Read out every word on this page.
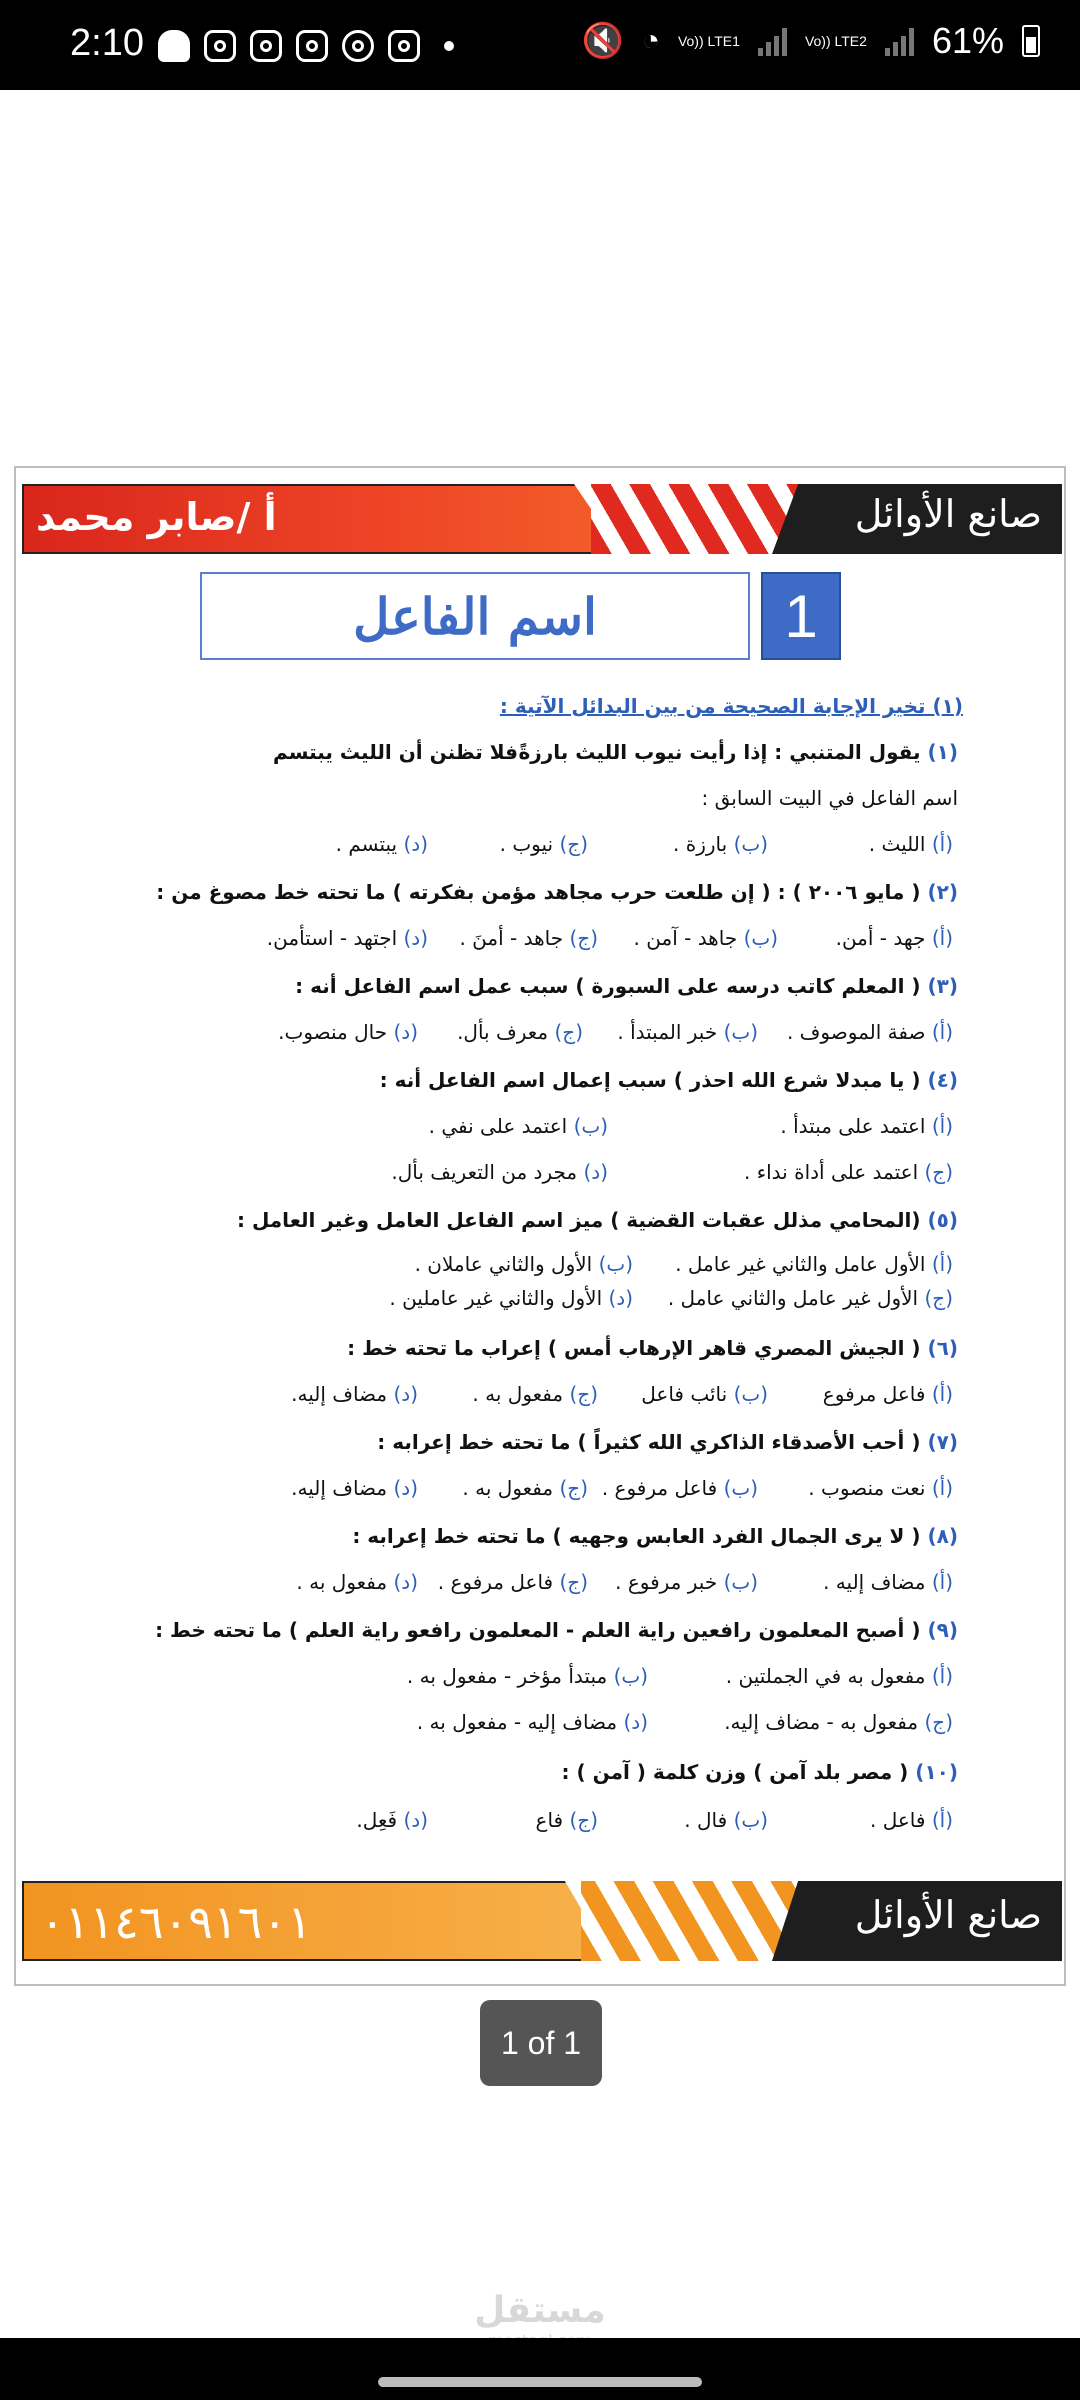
2:10	🔇 ◔ Vo)) LTE1	Vo)) LTE2 61%
صانع الأوائل
أ /صابر محمد
اسم الفاعل	1
(١) تخير الإجابة الصحيحة من بين البدائل الآتية :
(١) يقول المتنبي : إذا رأيت نيوب الليث بارزةً
فلا تظنن أن الليث يبتسم
اسم الفاعل في البيت السابق :
(أ) الليث .
(ب) بارزة .
(ج) نيوب .
(د) يبتسم .
(٢) ( مايو ٢٠٠٦ ) : ( إن طلعت حرب مجاهد مؤمن بفكرته ) ما تحته خط مصوغ من :
(أ) جهد - أمن.
(ب) جاهد - آمن .
(ج) جاهد - أمنَ .
(د) اجتهد - استأمن.
(٣) ( المعلم كاتب درسه على السبورة ) سبب عمل اسم الفاعل أنه :
(أ) صفة الموصوف .
(ب) خبر المبتدأ .
(ج) معرف بأل.
(د) حال منصوب.
(٤) ( يا مبدلا شرع الله احذر ) سبب إعمال اسم الفاعل أنه :
(أ) اعتمد على مبتدأ .
(ب) اعتمد على نفي .
(ج) اعتمد على أداة نداء .
(د) مجرد من التعريف بأل.
(٥) (المحامي مذلل عقبات القضية ) ميز اسم الفاعل العامل وغير العامل :
(أ) الأول عامل والثاني غير عامل .
(ب) الأول والثاني عاملان .
(ج) الأول غير عامل والثاني عامل .
(د) الأول والثاني غير عاملين .
(٦) ( الجيش المصري قاهر الإرهاب أمس ) إعراب ما تحته خط :
(أ) فاعل مرفوع
(ب) نائب فاعل
(ج) مفعول به .
(د) مضاف إليه.
(٧) ( أحب الأصدقاء الذاكري الله كثيراً ) ما تحته خط إعرابه :
(أ) نعت منصوب .
(ب) فاعل مرفوع .
(ج) مفعول به .
(د) مضاف إليه.
(٨) ( لا يرى الجمال الفرد العابس وجهيه ) ما تحته خط إعرابه :
(أ) مضاف إليه .
(ب) خبر مرفوع .
(ج) فاعل مرفوع .
(د) مفعول به .
(٩) ( أصبح المعلمون رافعين راية العلم - المعلمون رافعو راية العلم ) ما تحته خط :
(أ) مفعول به في الجملتين .
(ب) مبتدأ مؤخر - مفعول به .
(ج) مفعول به - مضاف إليه.
(د) مضاف إليه - مفعول به .
(١٠) ( مصر بلد آمن ) وزن كلمة ( آمن ) :
(أ) فاعل .
(ب) فال .
(ج) فاع
(د) فَعِل.
صانع الأوائل
٠١١٤٦٠٩١٦٠١
1 of 1
مستقل
